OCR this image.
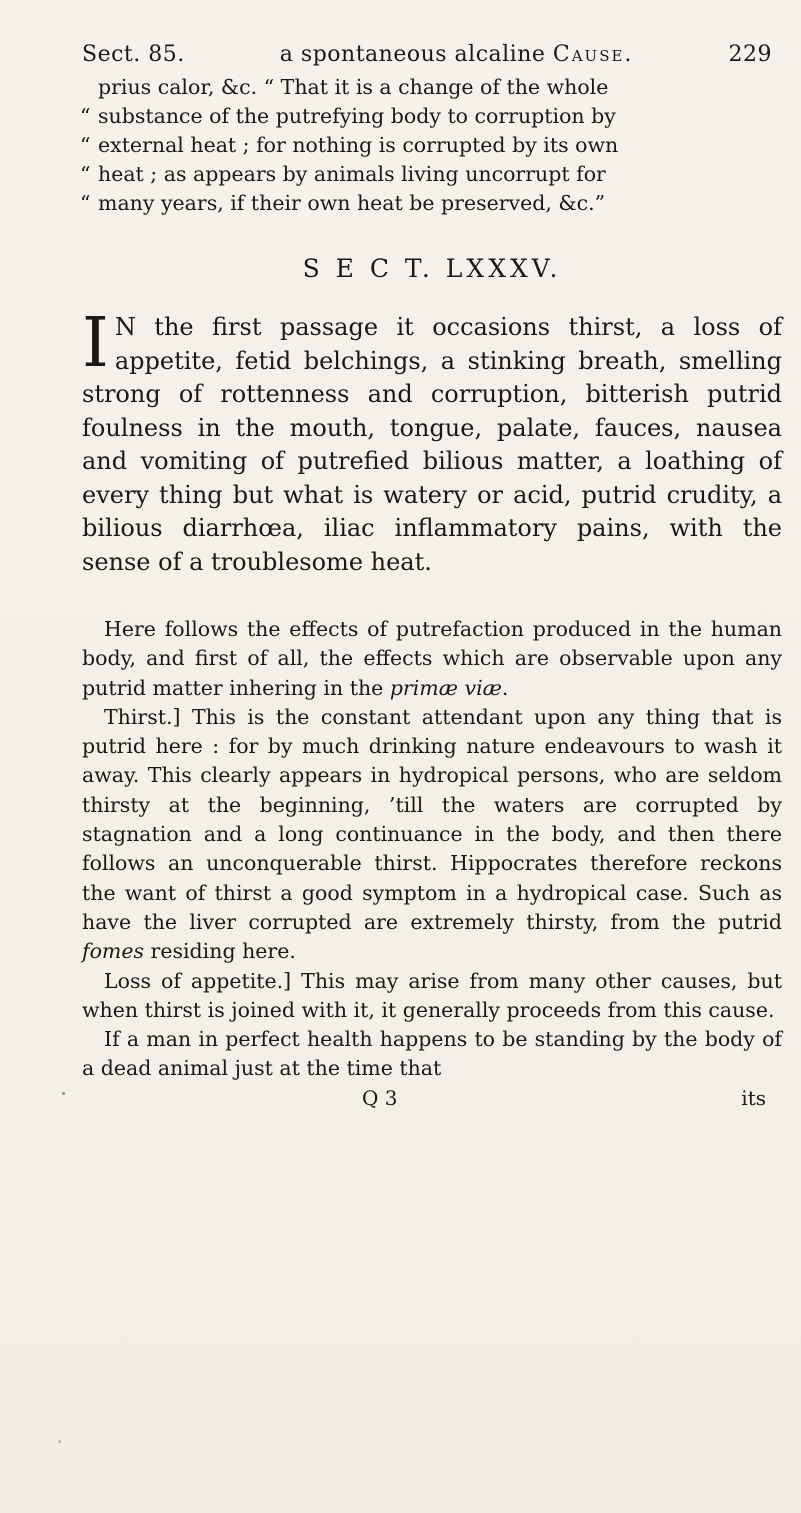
Sect. 85.	a spontaneous alcaline Cause.	229
prius calor, &c. “ That it is a change of the whole
“ substance of the putrefying body to corruption by
“ external heat ; for nothing is corrupted by its own
“ heat ; as appears by animals living uncorrupt for
“ many years, if their own heat be preserved, &c.”
S E C T. LXXXV.
I N the first passage it occasions thirst, a loss of appetite, fetid belchings, a stinking breath, smelling strong of rottenness and corruption, bitterish putrid foulness in the mouth, tongue, palate, fauces, nausea and vomiting of putrefied bilious matter, a loathing of every thing but what is watery or acid, putrid crudity, a bilious diarrhœa, iliac inflammatory pains, with the sense of a troublesome heat.

Here follows the effects of putrefaction produced in the human body, and first of all, the effects which are observable upon any putrid matter inhering in the primæ viæ.

Thirst.] This is the constant attendant upon any thing that is putrid here : for by much drinking nature endeavours to wash it away. This clearly appears in hydropical persons, who are seldom thirsty at the beginning, ’till the waters are corrupted by stagnation and a long continuance in the body, and then there follows an unconquerable thirst. Hippocrates therefore reckons the want of thirst a good symptom in a hydropical case. Such as have the liver corrupted are extremely thirsty, from the putrid fomes residing here.

Loss of appetite.] This may arise from many other causes, but when thirst is joined with it, it generally proceeds from this cause.

If a man in perfect health happens to be standing by the body of a dead animal just at the time that

Q 3	its
